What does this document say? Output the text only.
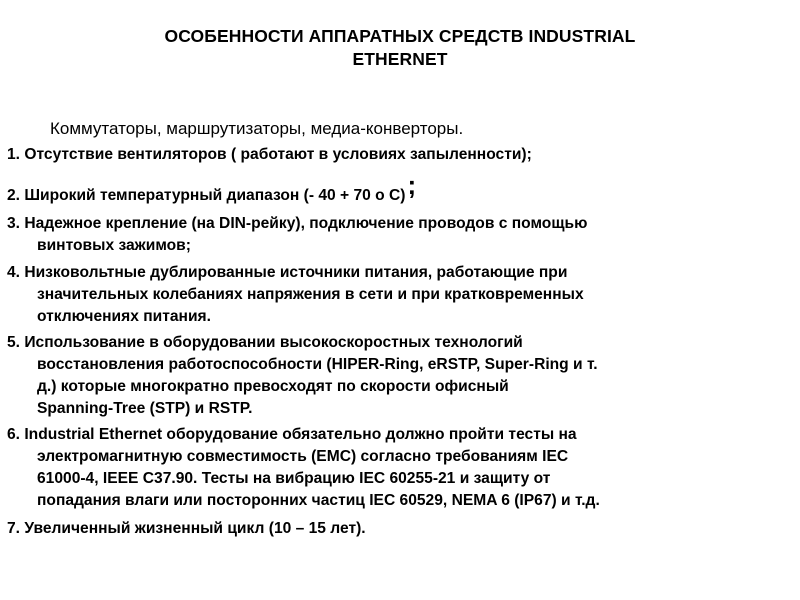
ОСОБЕННОСТИ АППАРАТНЫХ СРЕДСТВ INDUSTRIAL
ETHERNET
Коммутаторы, маршрутизаторы, медиа-конверторы.
1. Отсутствие вентиляторов ( работают в условиях запыленности);
2. Широкий температурный диапазон (- 40 + 70 о С);
3. Надежное крепление (на DIN-рейку), подключение проводов с помощью
винтовых зажимов;
4. Низковольтные дублированные источники питания, работающие при
значительных колебаниях напряжения в сети и при кратковременных
отключениях питания.
5. Использование в оборудовании высокоскоростных технологий
восстановления работоспособности (HIPER-Ring, eRSTP, Super-Ring и т.
д.) которые многократно превосходят по скорости офисный
Spanning-Tree (STP) и RSTP.
6. Industrial Ethernet оборудование обязательно должно пройти тесты на
электромагнитную совместимость (EMC) согласно требованиям IEC
61000-4, IEEE C37.90. Тесты на вибрацию IEC 60255-21 и защиту от
попадания влаги или посторонних частиц IEC 60529, NEMA 6 (IP67) и т.д.
7. Увеличенный жизненный цикл (10 – 15 лет).
